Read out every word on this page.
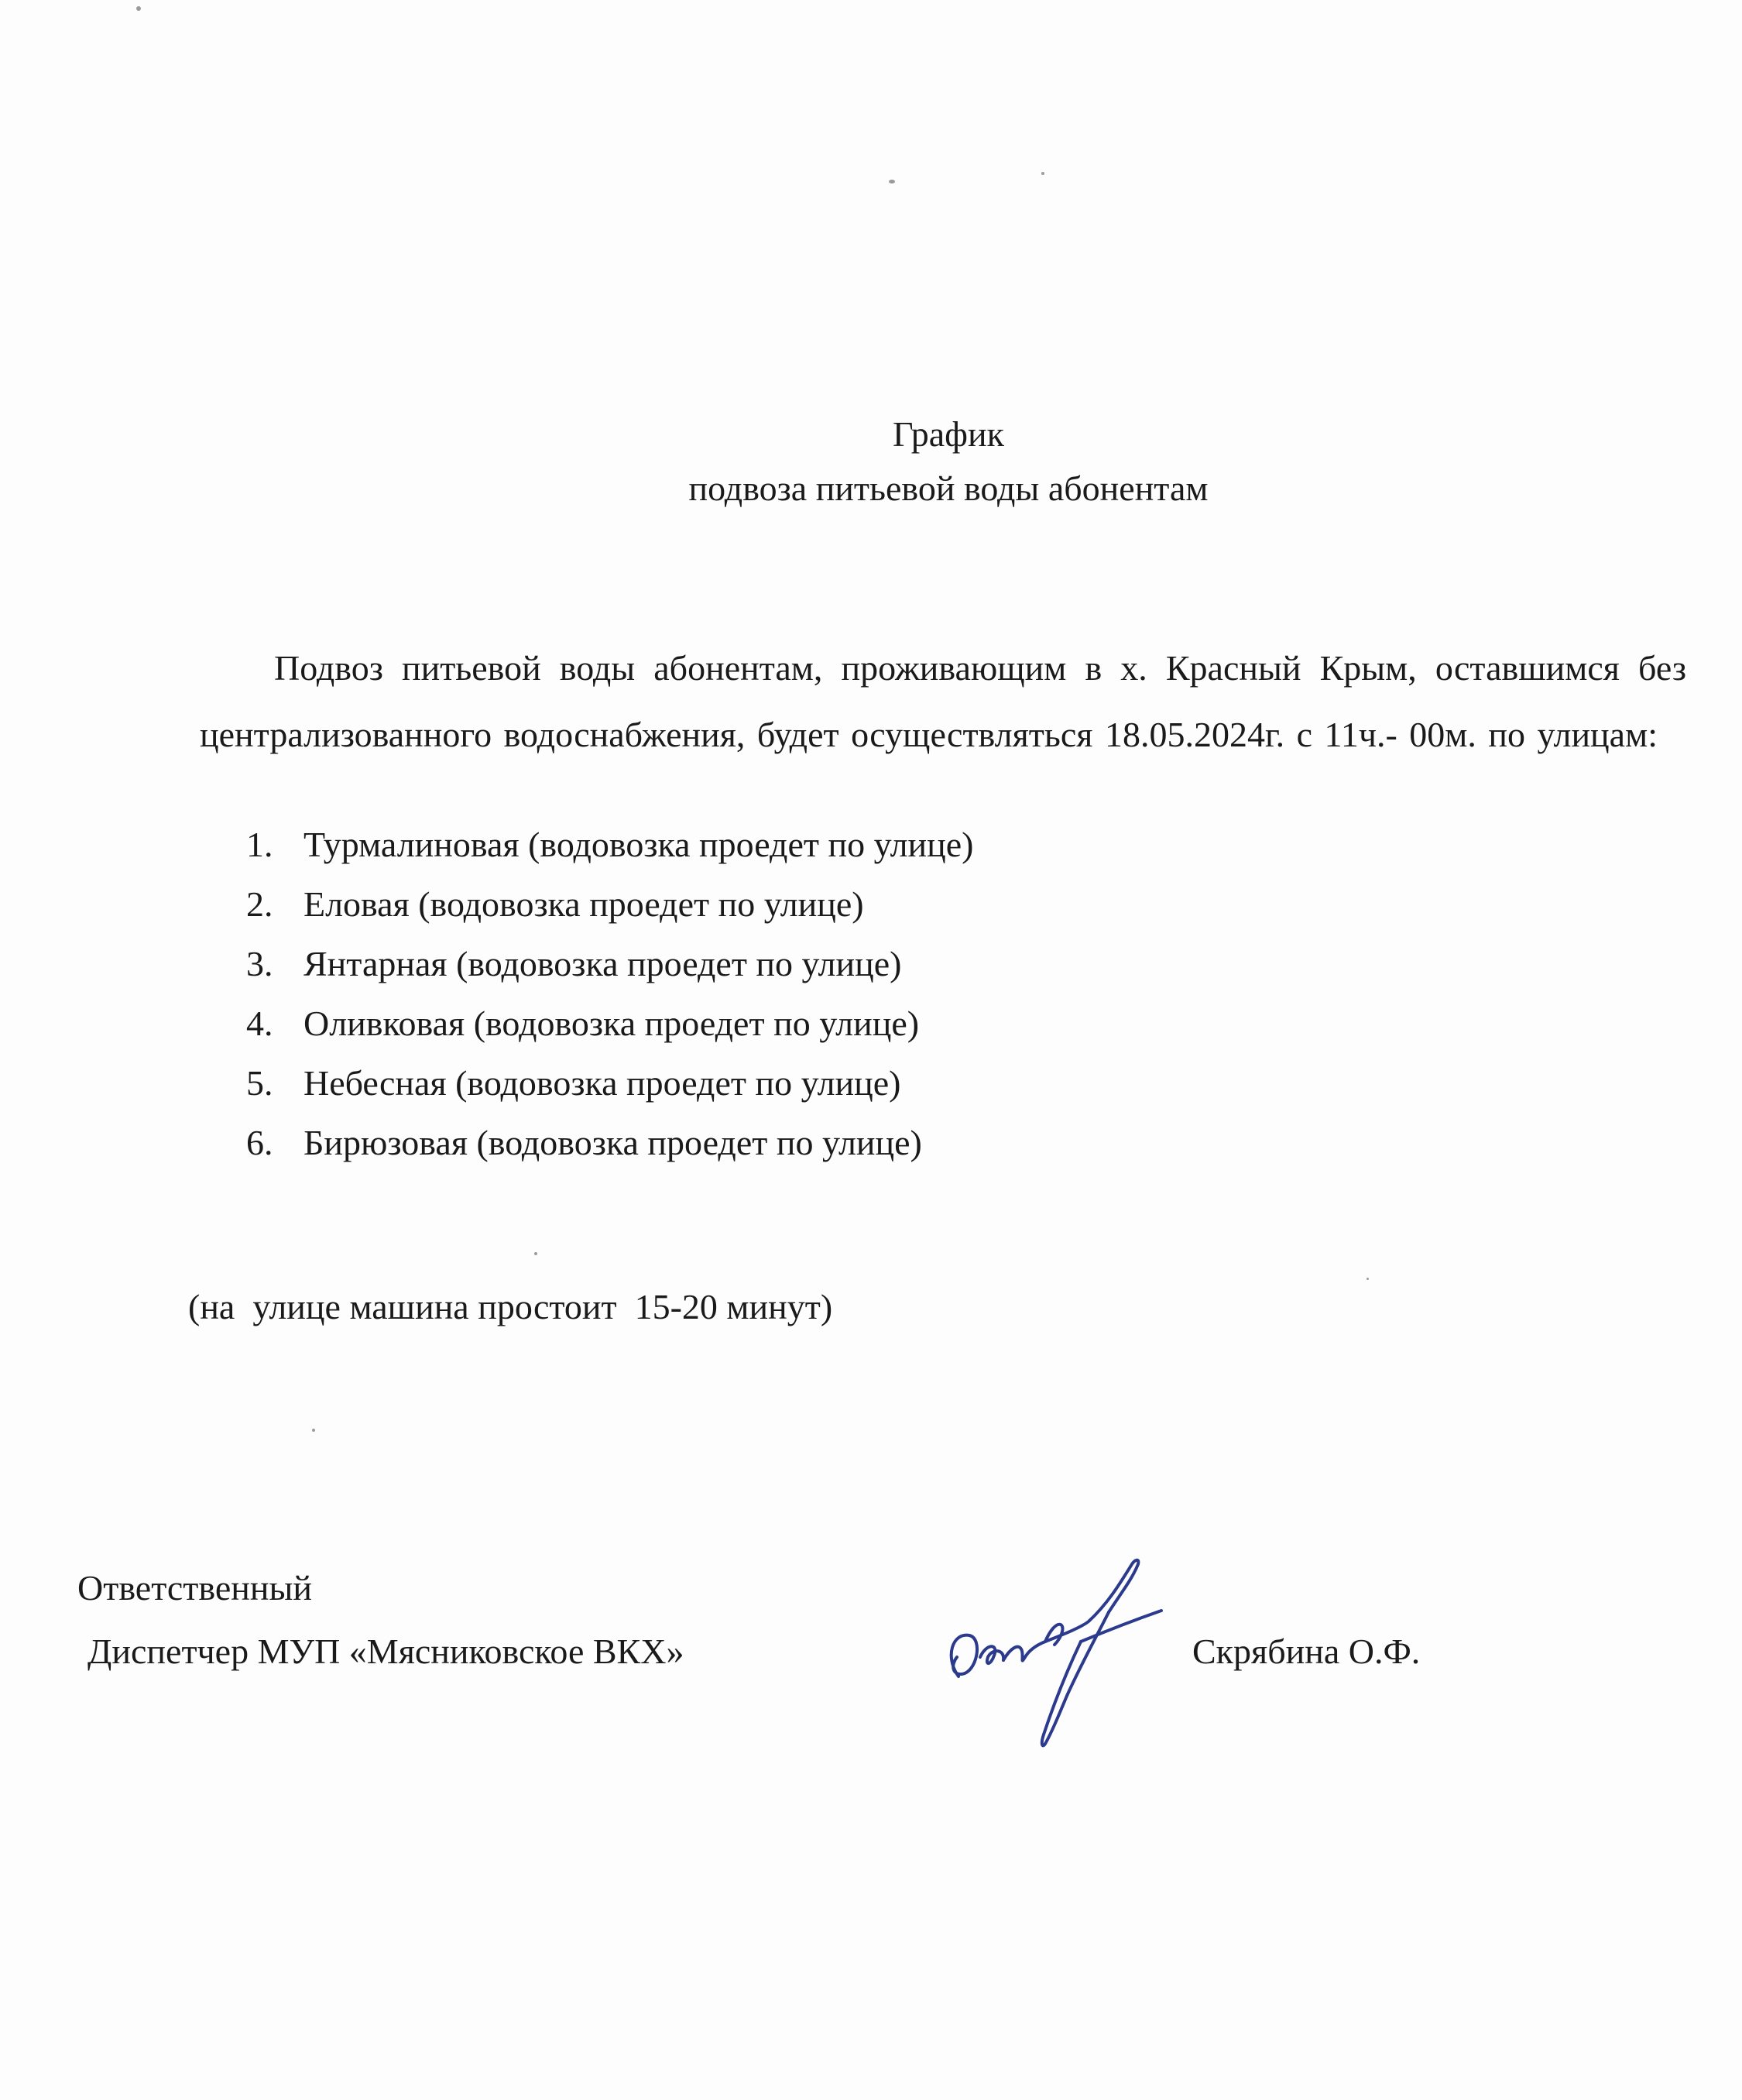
График
подвоза питьевой воды абонентам

Подвоз питьевой воды абонентам, проживающим в х. Красный Крым, оставшимся без централизованного водоснабжения, будет осуществляться 18.05.2024г. с 11ч.- 00м. по улицам:

1. Турмалиновая (водовозка проедет по улице)
2. Еловая (водовозка проедет по улице)
3. Янтарная (водовозка проедет по улице)
4. Оливковая (водовозка проедет по улице)
5. Небесная (водовозка проедет по улице)
6. Бирюзовая (водовозка проедет по улице)
(на  улице машина простоит  15-20 минут)
Ответственный
Диспетчер МУП «Мясниковское ВКХ»	Скрябина О.Ф.
